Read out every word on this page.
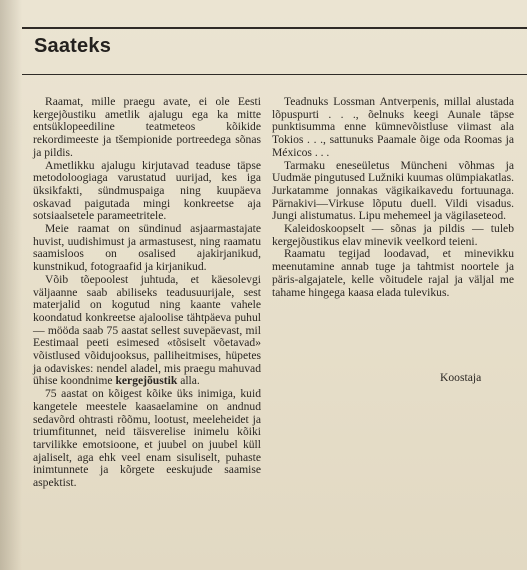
Saateks

Raamat, mille praegu avate, ei ole Eesti kergejõustiku ametlik ajalugu ega ka mitte entsüklopeediline teatmeteos kõikide rekordimeeste ja tšempionide portreedega sõnas ja pildis.

Ametlikku ajalugu kirjutavad teaduse täpse metodoloogiaga varustatud uurijad, kes iga üksikfakti, sündmuspaiga ning kuupäeva oskavad paigutada mingi konkreetse aja sotsiaalsetele parameetritele.

Meie raamat on sündinud asjaarmastajate huvist, uudishimust ja armastusest, ning raamatu saamisloos on osalised ajakirjanikud, kunstnikud, fotograafid ja kirjanikud.

Võib tõepoolest juhtuda, et käesolevgi väljaanne saab abiliseks teadusuurijale, sest materjalid on kogutud ning kaante vahele koondatud konkreetse ajaloolise tähtpäeva puhul — mööda saab 75 aastat sellest suvepäevast, mil Eestimaal peeti esimesed «tõsiselt võetavad» võistlused võidujooksus, palliheitmises, hüpetes ja odaviskes: nendel aladel, mis praegu mahuvad ühise koondnime kergejõustik alla.

75 aastat on kõigest kõike üks inimiga, kuid kangetele meestele kaasaelamine on andnud sedavõrd ohtrasti rõõmu, lootust, meeleheidet ja triumfitunnet, neid täisverelise inimelu kõiki tarvilikke emotsioone, et juubel on juubel küll ajaliselt, aga ehk veel enam sisuliselt, puhaste inimtunnete ja kõrgete eeskujude saamise aspektist.

Teadnuks Lossman Antverpenis, millal alustada lõpuspurti . . ., õelnuks keegi Aunale täpse punktisumma enne kümnevõistluse viimast ala Tokios . . ., sattunuks Paamale õige oda Roomas ja Méxicos . . .

Tarmaku eneseületus Müncheni võhmas ja Uudmäe pingutused Lužniki kuumas olümpiakatlas. Jurkatamme jonnakas vägikaikavedu fortuunaga. Pärnakivi—Virkuse lõputu duell. Vildi visadus. Jungi alistumatus. Lipu mehemeel ja vägilaseteod.

Kaleidoskoopselt — sõnas ja pildis — tuleb kergejõustikus elav minevik veelkord teieni.

Raamatu tegijad loodavad, et minevikku meenutamine annab tuge ja tahtmist noortele ja päris-algajatele, kelle võitudele rajal ja väljal me tahame hingega kaasa elada tulevikus.

Koostaja
